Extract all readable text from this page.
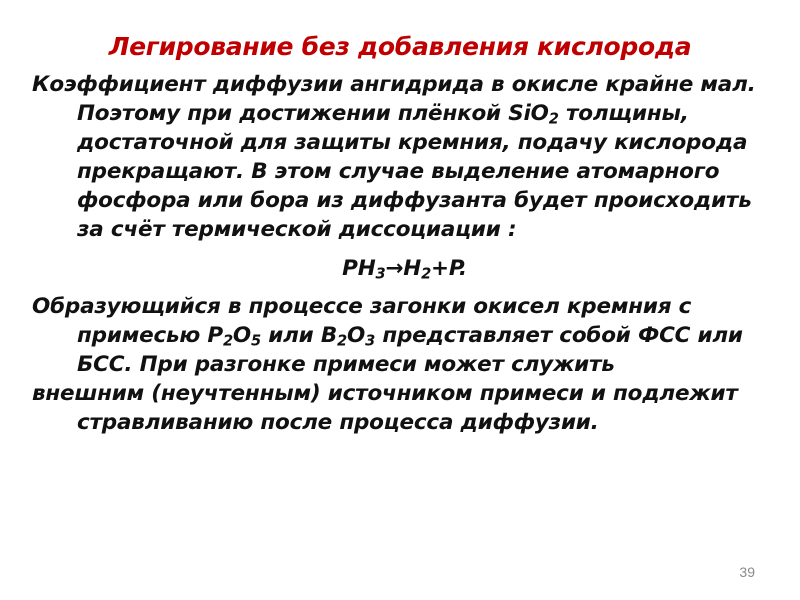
Легирование без добавления кислорода

Коэффициент диффузии ангидрида в окисле крайне мал. Поэтому при достижении плёнкой SiO$_2$ толщины, достаточной для защиты кремния, подачу кислорода прекращают. В этом случае выделение атомарного фосфора или бора из диффузанта будет происходить за счёт термической диссоциации :

$PH_3\to H_2+P$.

Образующийся в процессе загонки окисел кремния с примесью $P_2O_5$ или $B_2O_3$ представляет собой ФСС или БСС. При разгонке примеси может служить

внешним (неучтенным) источником примеси и подлежит стравливанию после процесса диффузии.

39
